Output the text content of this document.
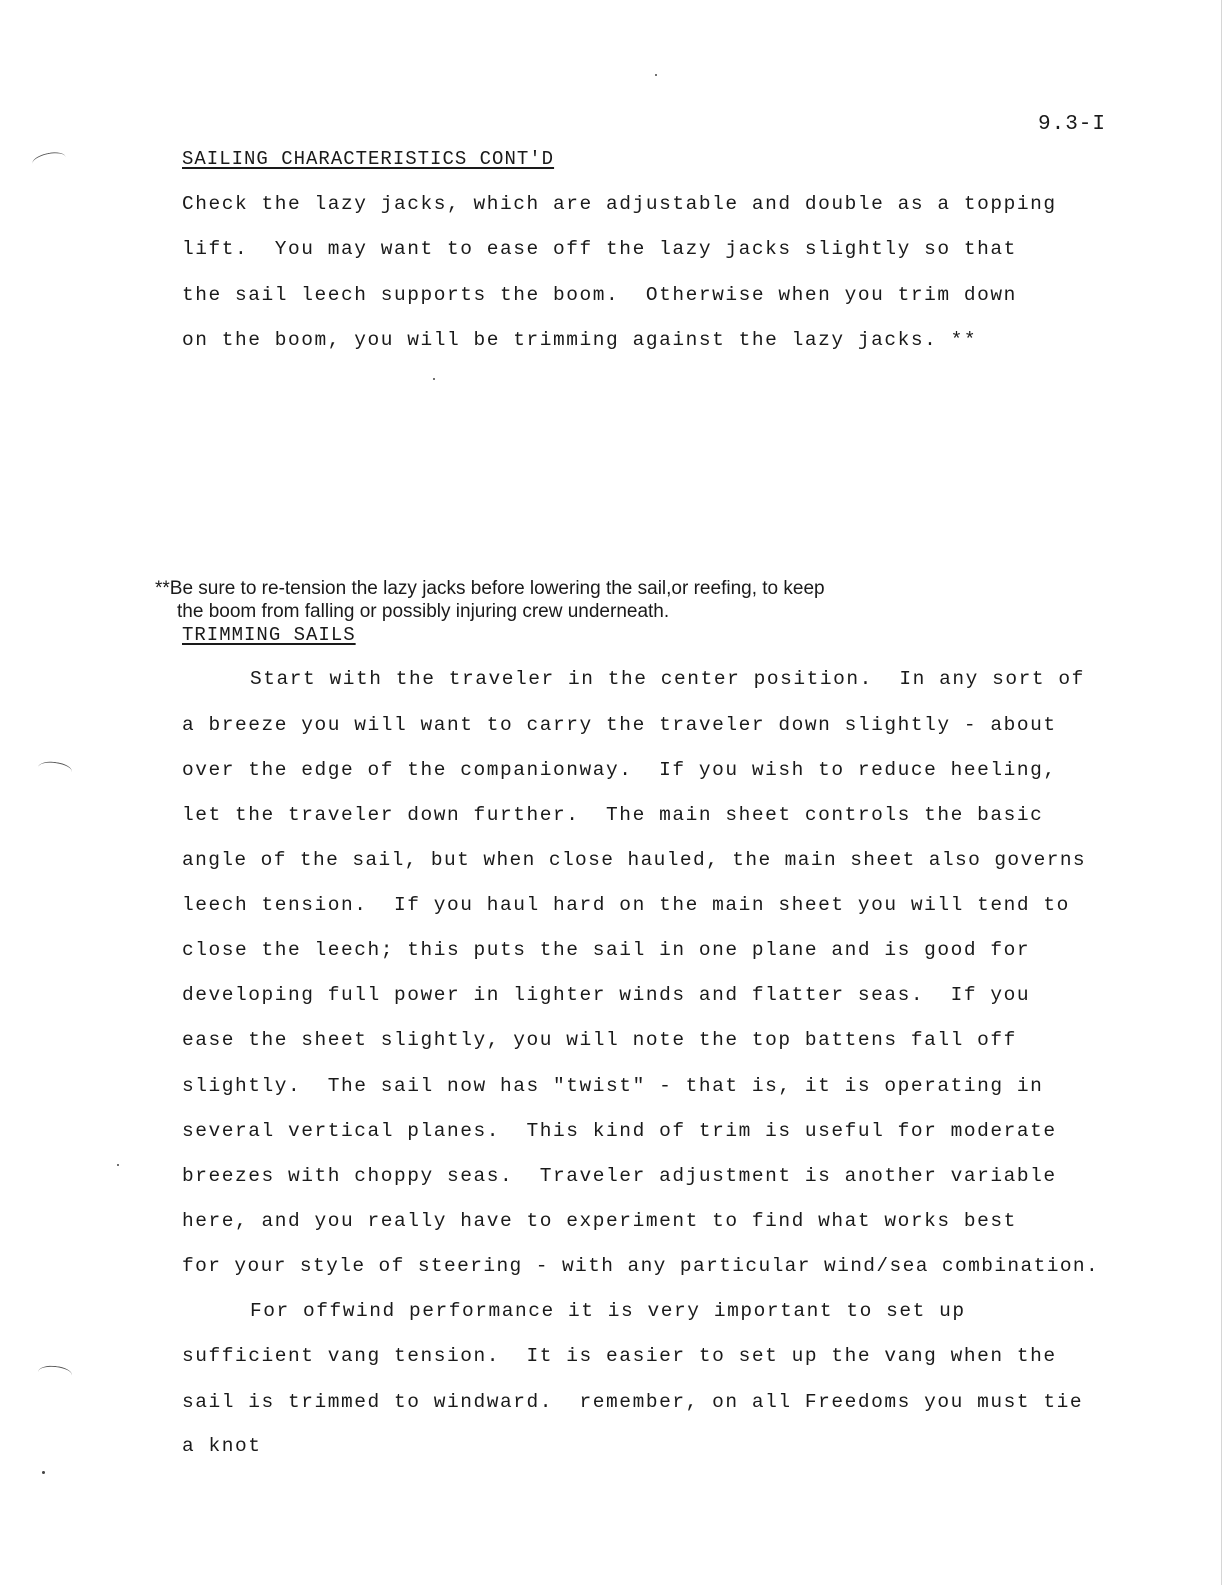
9.3-I
SAILING CHARACTERISTICS CONT'D
Check the lazy jacks, which are adjustable and double as a topping
lift.  You may want to ease off the lazy jacks slightly so that
the sail leech supports the boom.  Otherwise when you trim down
on the boom, you will be trimming against the lazy jacks. **
**Be sure to re-tension the lazy jacks before lowering the sail,or reefing, to keep
the boom from falling or possibly injuring crew underneath.
TRIMMING SAILS
Start with the traveler in the center position.  In any sort of
a breeze you will want to carry the traveler down slightly - about
over the edge of the companionway.  If you wish to reduce heeling,
let the traveler down further.  The main sheet controls the basic
angle of the sail, but when close hauled, the main sheet also governs
leech tension.  If you haul hard on the main sheet you will tend to
close the leech; this puts the sail in one plane and is good for
developing full power in lighter winds and flatter seas.  If you
ease the sheet slightly, you will note the top battens fall off
slightly.  The sail now has "twist" - that is, it is operating in
several vertical planes.  This kind of trim is useful for moderate
breezes with choppy seas.  Traveler adjustment is another variable
here, and you really have to experiment to find what works best
for your style of steering - with any particular wind/sea combination.
For offwind performance it is very important to set up
sufficient vang tension.  It is easier to set up the vang when the
sail is trimmed to windward.  remember, on all Freedoms you must tie
a knot
